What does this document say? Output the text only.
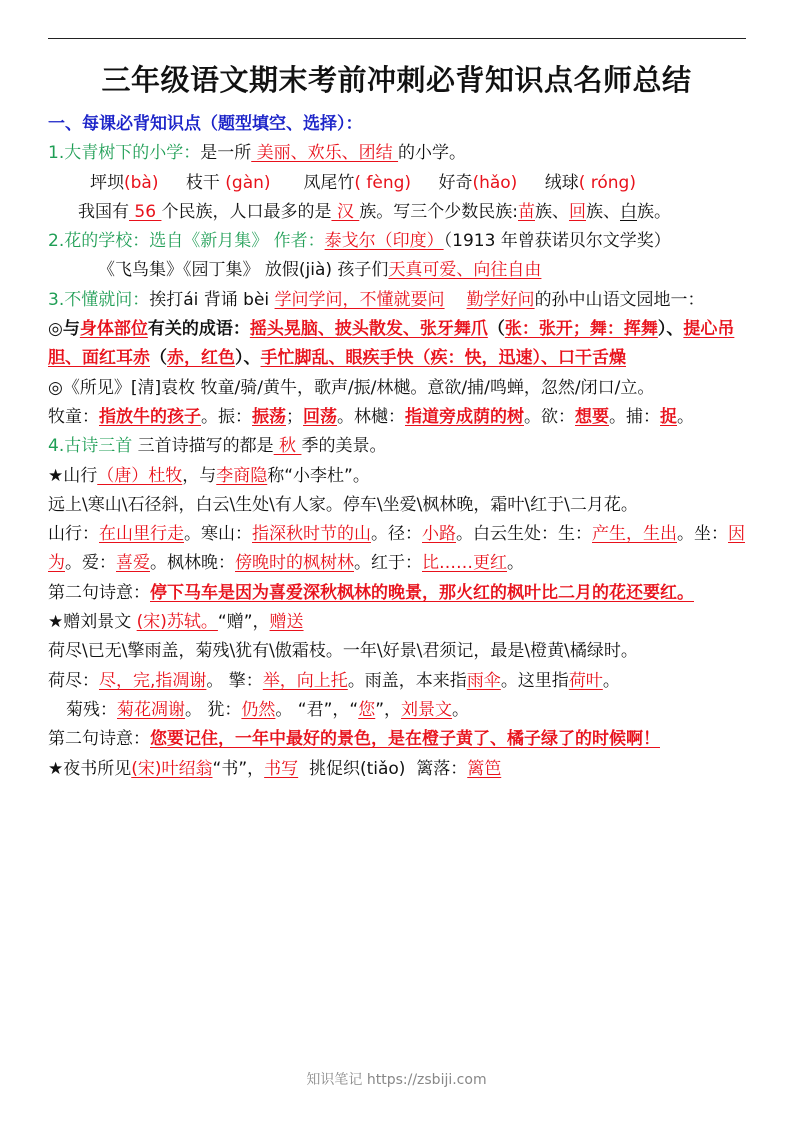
三年级语文期末考前冲刺必背知识点名师总结
一、每课必背知识点（题型填空、选择）：
1.大青树下的小学：是一所 美丽、欢乐、团结 的小学。
坪坝(bà) 枝干 (gàn)  凤尾竹( fèng) 好奇(hǎo) 绒球( róng)
我国有 56 个民族，人口最多的是 汉 族。写三个少数民族:苗族、回族、白族。
2.花的学校：选自《新月集》 作者：泰戈尔（印度）（1913 年曾获诺贝尔文学奖）
《飞鸟集》《园丁集》 放假(jià) 孩子们天真可爱、向往自由
3.不懂就问：挨打ái 背诵 bèi 学问学问，不懂就要问 勤学好问的孙中山语文园地一：
◎与身体部位有关的成语：摇头晃脑、披头散发、张牙舞爪（张：张开；舞：挥舞）、提心吊胆、面红耳赤（赤，红色）、手忙脚乱、眼疾手快（疾：快，迅速）、口干舌燥
◎《所见》[清]袁枚 牧童/骑/黄牛，歌声/振/林樾。意欲/捕/鸣蝉，忽然/闭口/立。
牧童：指放牛的孩子。振：振荡；回荡。林樾：指道旁成荫的树。欲：想要。捕：捉。
4.古诗三首 三首诗描写的都是 秋 季的美景。
★山行（唐）杜牧，与李商隐称“小李杜”。
远上\寒山\石径斜，白云\生处\有人家。停车\坐爱\枫林晚，霜叶\红于\二月花。
山行：在山里行走。寒山：指深秋时节的山。径：小路。白云生处：生：产生，生出。坐：因为。爱：喜爱。枫林晚：傍晚时的枫树林。红于：比……更红。
第二句诗意：停下马车是因为喜爱深秋枫林的晚景，那火红的枫叶比二月的花还要红。
★赠刘景文 (宋)苏轼。“赠”，赠送
荷尽\已无\擎雨盖，菊残\犹有\傲霜枝。一年\好景\君须记，最是\橙黄\橘绿时。
荷尽：尽，完,指凋谢。 擎：举，向上托。雨盖，本来指雨伞。这里指荷叶。
菊残：菊花凋谢。 犹：仍然。 “君”，“您”，刘景文。
第二句诗意：您要记住，一年中最好的景色，是在橙子黄了、橘子绿了的时候啊！
★夜书所见(宋)叶绍翁“书”，书写  挑促织(tiǎo)  篱落：篱笆
知识笔记 https://zsbiji.com
